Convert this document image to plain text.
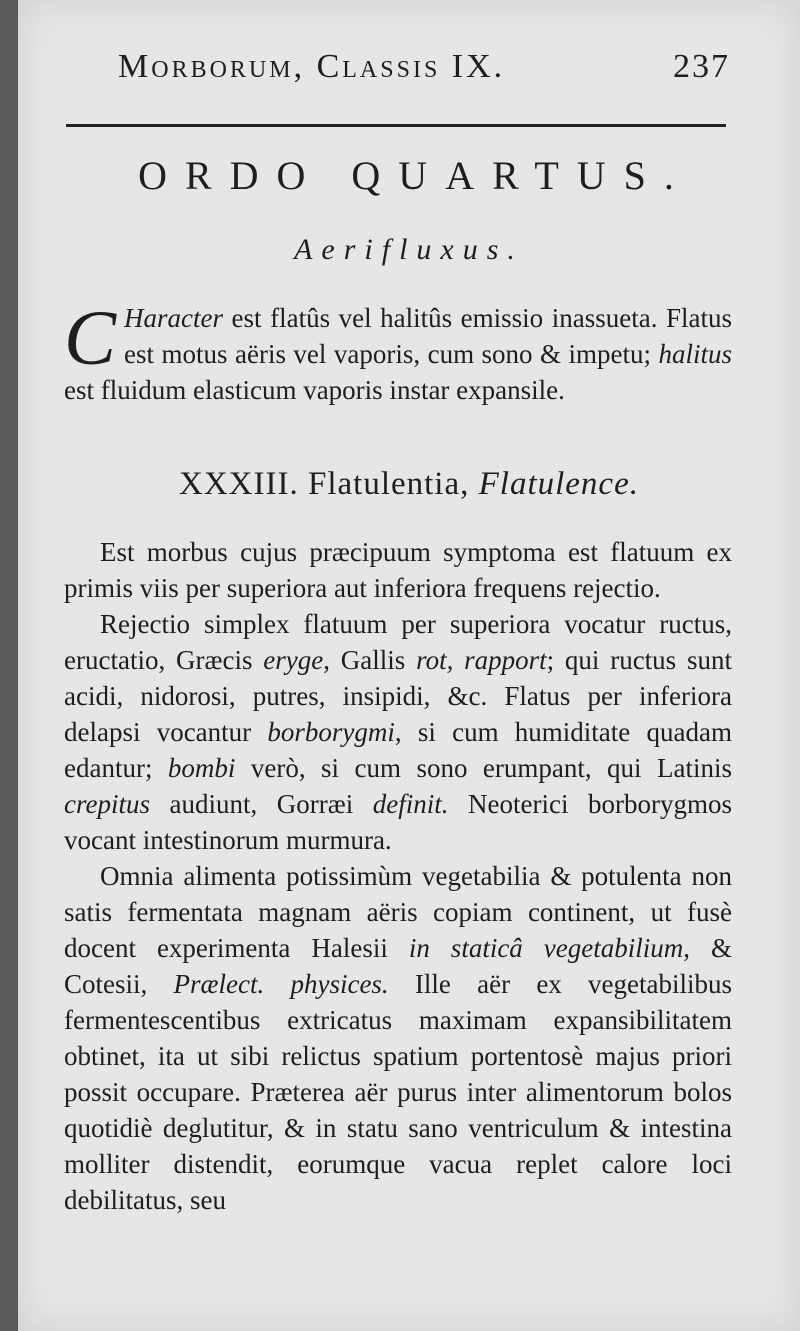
Morborum, Classis IX.	237
ORDO QUARTUS.
Aerifluxus.

C Haracter est flatûs vel halitûs emissio inassueta. Flatus est motus aëris vel vaporis, cum sono & impetu; halitus est fluidum elasticum vaporis instar expansile.

XXXIII. Flatulentia, Flatulence.

Est morbus cujus præcipuum symptoma est flatuum ex primis viis per superiora aut inferiora frequens rejectio.

Rejectio simplex flatuum per superiora vocatur ructus, eructatio, Græcis eryge, Gallis rot, rapport; qui ructus sunt acidi, nidorosi, putres, insipidi, &c. Flatus per inferiora delapsi vocantur borborygmi, si cum humiditate quadam edantur; bombi verò, si cum sono erumpant, qui Latinis crepitus audiunt, Gorræi definit. Neoterici borborygmos vocant intestinorum murmura.

Omnia alimenta potissimùm vegetabilia & potulenta non satis fermentata magnam aëris copiam continent, ut fusè docent experimenta Halesii in staticâ vegetabilium, & Cotesii, Prælect. physices. Ille aër ex vegetabilibus fermentescentibus extricatus maximam expansibilitatem obtinet, ita ut sibi relictus spatium portentosè majus priori possit occupare. Præterea aër purus inter alimentorum bolos quotidiè deglutitur, & in statu sano ventriculum & intestina molliter distendit, eorumque vacua replet calore loci debilitatus, seu
